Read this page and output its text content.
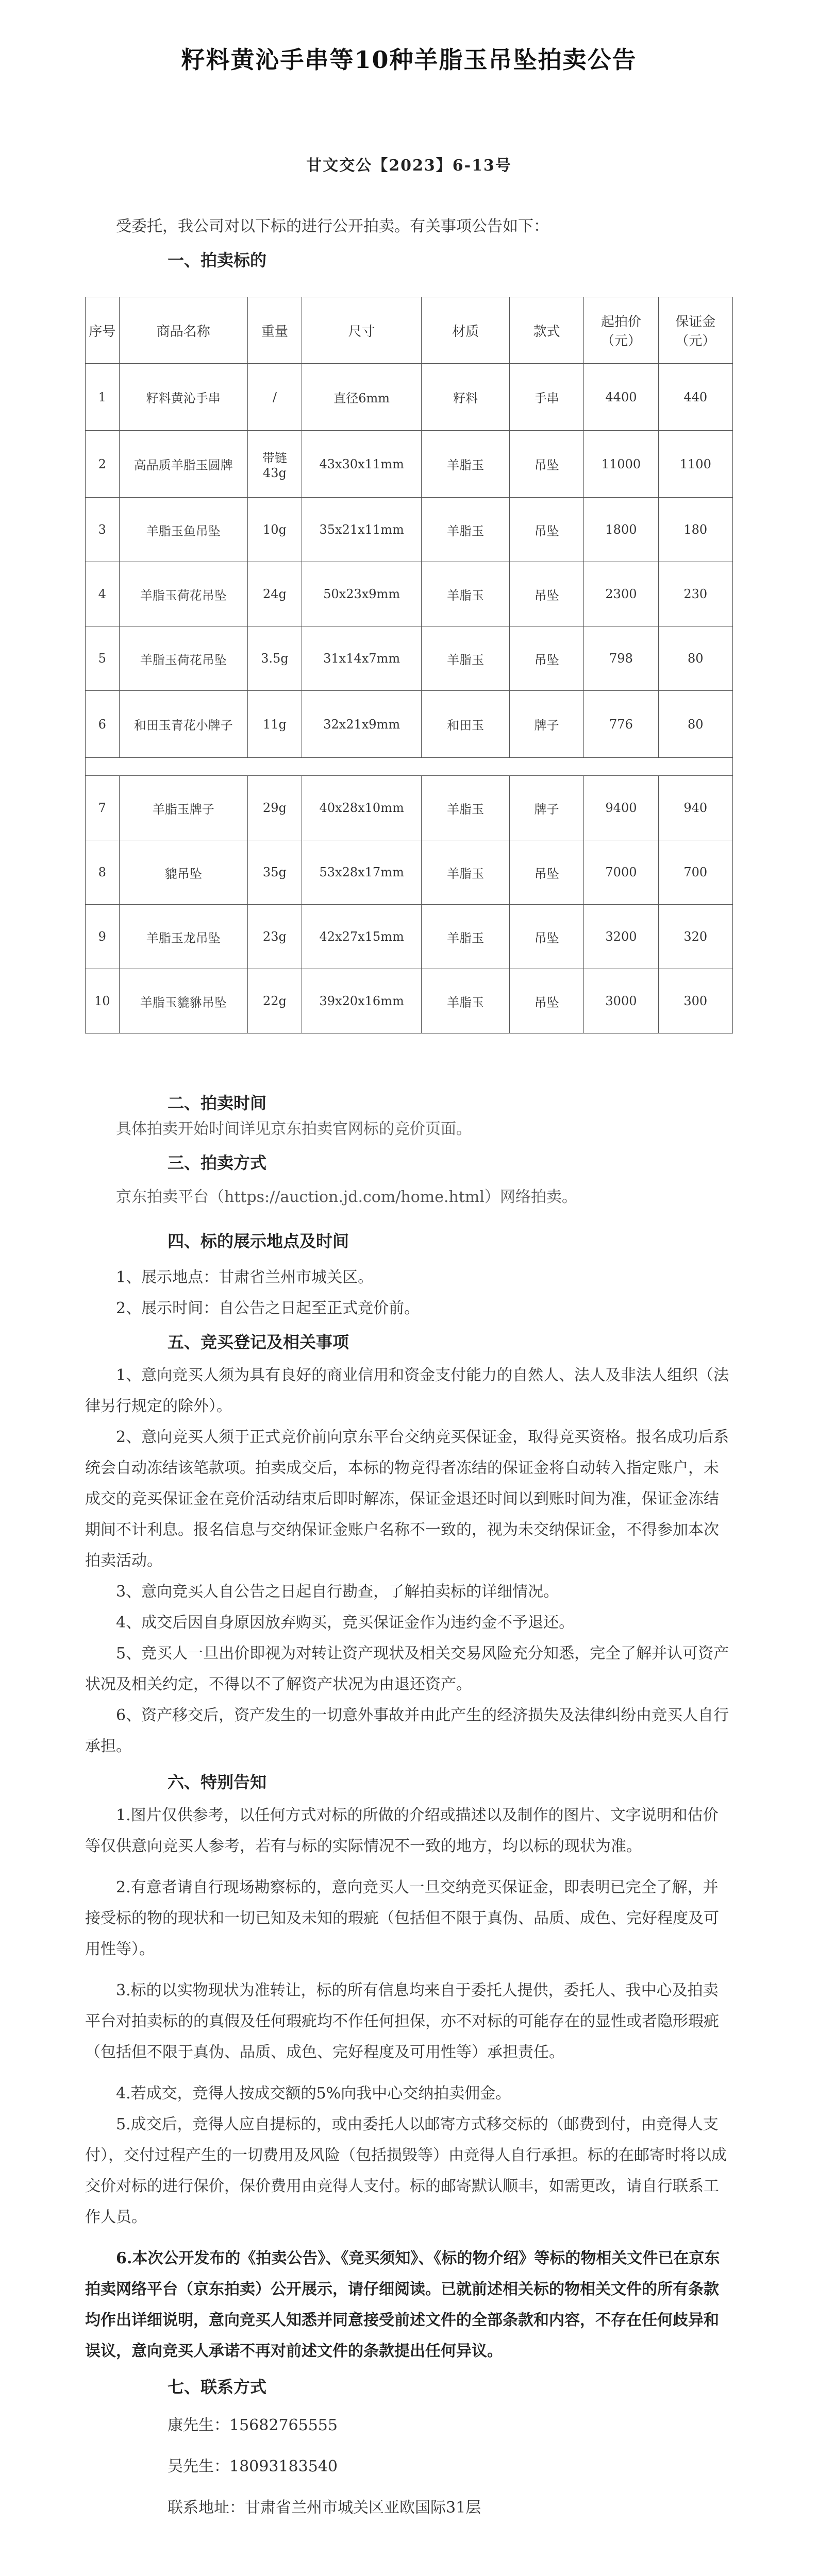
籽料黄沁手串等10种羊脂玉吊坠拍卖公告
甘文交公【2023】6-13号
受委托，我公司对以下标的进行公开拍卖。有关事项公告如下：
一、拍卖标的
序号	商品名称	重量	尺寸	材质	款式	起拍价（元）	保证金（元）
1	籽料黄沁手串	/	直径6mm	籽料	手串	4400	440
2	高品质羊脂玉圆牌	带链43g	43x30x11mm	羊脂玉	吊坠	11000	1100
3	羊脂玉鱼吊坠	10g	35x21x11mm	羊脂玉	吊坠	1800	180
4	羊脂玉荷花吊坠	24g	50x23x9mm	羊脂玉	吊坠	2300	230
5	羊脂玉荷花吊坠	3.5g	31x14x7mm	羊脂玉	吊坠	798	80
6	和田玉青花小牌子	11g	32x21x9mm	和田玉	牌子	776	80

7	羊脂玉牌子	29g	40x28x10mm	羊脂玉	牌子	9400	940
8	貔吊坠	35g	53x28x17mm	羊脂玉	吊坠	7000	700
9	羊脂玉龙吊坠	23g	42x27x15mm	羊脂玉	吊坠	3200	320
10	羊脂玉貔貅吊坠	22g	39x20x16mm	羊脂玉	吊坠	3000	300
二、拍卖时间

具体拍卖开始时间详见京东拍卖官网标的竞价页面。

三、拍卖方式

京东拍卖平台（https://auction.jd.com/home.html）网络拍卖。

四、标的展示地点及时间

1、展示地点：甘肃省兰州市城关区。

2、展示时间：自公告之日起至正式竞价前。

五、竞买登记及相关事项

1、意向竞买人须为具有良好的商业信用和资金支付能力的自然人、法人及非法人组织（法律另行规定的除外）。

2、意向竞买人须于正式竞价前向京东平台交纳竞买保证金，取得竞买资格。报名成功后系统会自动冻结该笔款项。拍卖成交后，本标的物竞得者冻结的保证金将自动转入指定账户，未成交的竞买保证金在竞价活动结束后即时解冻，保证金退还时间以到账时间为准，保证金冻结期间不计利息。报名信息与交纳保证金账户名称不一致的，视为未交纳保证金，不得参加本次拍卖活动。

3、意向竞买人自公告之日起自行勘查，了解拍卖标的详细情况。

4、成交后因自身原因放弃购买，竞买保证金作为违约金不予退还。

5、竞买人一旦出价即视为对转让资产现状及相关交易风险充分知悉，完全了解并认可资产状况及相关约定，不得以不了解资产状况为由退还资产。

6、资产移交后，资产发生的一切意外事故并由此产生的经济损失及法律纠纷由竞买人自行承担。

六、特别告知

1.图片仅供参考，以任何方式对标的所做的介绍或描述以及制作的图片、文字说明和估价等仅供意向竞买人参考，若有与标的实际情况不一致的地方，均以标的现状为准。

2.有意者请自行现场勘察标的，意向竞买人一旦交纳竞买保证金，即表明已完全了解，并接受标的物的现状和一切已知及未知的瑕疵（包括但不限于真伪、品质、成色、完好程度及可用性等）。

3.标的以实物现状为准转让，标的所有信息均来自于委托人提供，委托人、我中心及拍卖平台对拍卖标的的真假及任何瑕疵均不作任何担保，亦不对标的可能存在的显性或者隐形瑕疵（包括但不限于真伪、品质、成色、完好程度及可用性等）承担责任。

4.若成交，竞得人按成交额的5%向我中心交纳拍卖佣金。

5.成交后，竞得人应自提标的，或由委托人以邮寄方式移交标的（邮费到付，由竞得人支付），交付过程产生的一切费用及风险（包括损毁等）由竞得人自行承担。标的在邮寄时将以成交价对标的进行保价，保价费用由竞得人支付。标的邮寄默认顺丰，如需更改，请自行联系工作人员。

6.本次公开发布的《拍卖公告》、《竞买须知》、《标的物介绍》等标的物相关文件已在京东拍卖网络平台（京东拍卖）公开展示，请仔细阅读。已就前述相关标的物相关文件的所有条款均作出详细说明，意向竞买人知悉并同意接受前述文件的全部条款和内容，不存在任何歧异和误议，意向竞买人承诺不再对前述文件的条款提出任何异议。

七、联系方式
康先生：15682765555
吴先生：18093183540
联系地址：甘肃省兰州市城关区亚欧国际31层
